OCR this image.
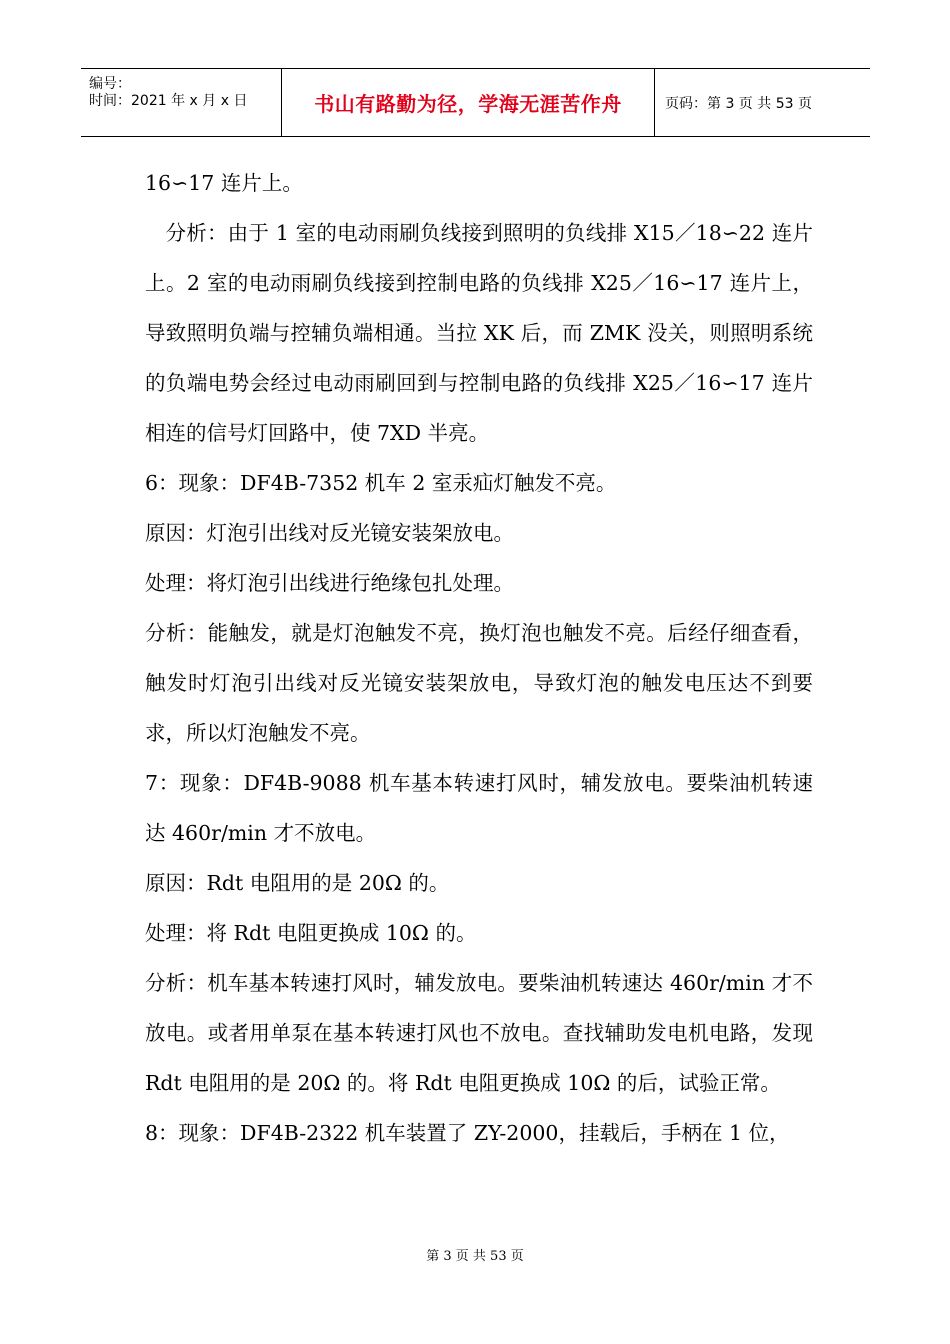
编号：
时间：2021 年 x 月 x 日	书山有路勤为径，学海无涯苦作舟	页码：第 3 页 共 53 页

16∽17 连片上。

分析：由于 1 室的电动雨刷负线接到照明的负线排 X15／18∽22 连片上。2 室的电动雨刷负线接到控制电路的负线排 X25／16∽17 连片上，导致照明负端与控辅负端相通。当拉 XK 后，而 ZMK 没关，则照明系统的负端电势会经过电动雨刷回到与控制电路的负线排 X25／16∽17 连片相连的信号灯回路中，使 7XD 半亮。

6：现象：DF4B-7352 机车 2 室汞疝灯触发不亮。

原因：灯泡引出线对反光镜安装架放电。

处理：将灯泡引出线进行绝缘包扎处理。

分析：能触发，就是灯泡触发不亮，换灯泡也触发不亮。后经仔细查看，触发时灯泡引出线对反光镜安装架放电，导致灯泡的触发电压达不到要求，所以灯泡触发不亮。

7：现象：DF4B-9088 机车基本转速打风时，辅发放电。要柴油机转速达 460r/min 才不放电。

原因：Rdt 电阻用的是 20Ω 的。

处理：将 Rdt 电阻更换成 10Ω 的。

分析：机车基本转速打风时，辅发放电。要柴油机转速达 460r/min 才不放电。或者用单泵在基本转速打风也不放电。查找辅助发电机电路，发现 Rdt 电阻用的是 20Ω 的。将 Rdt 电阻更换成 10Ω 的后，试验正常。

8：现象：DF4B-2322 机车装置了 ZY-2000，挂载后，手柄在 1 位，

第 3 页 共 53 页
